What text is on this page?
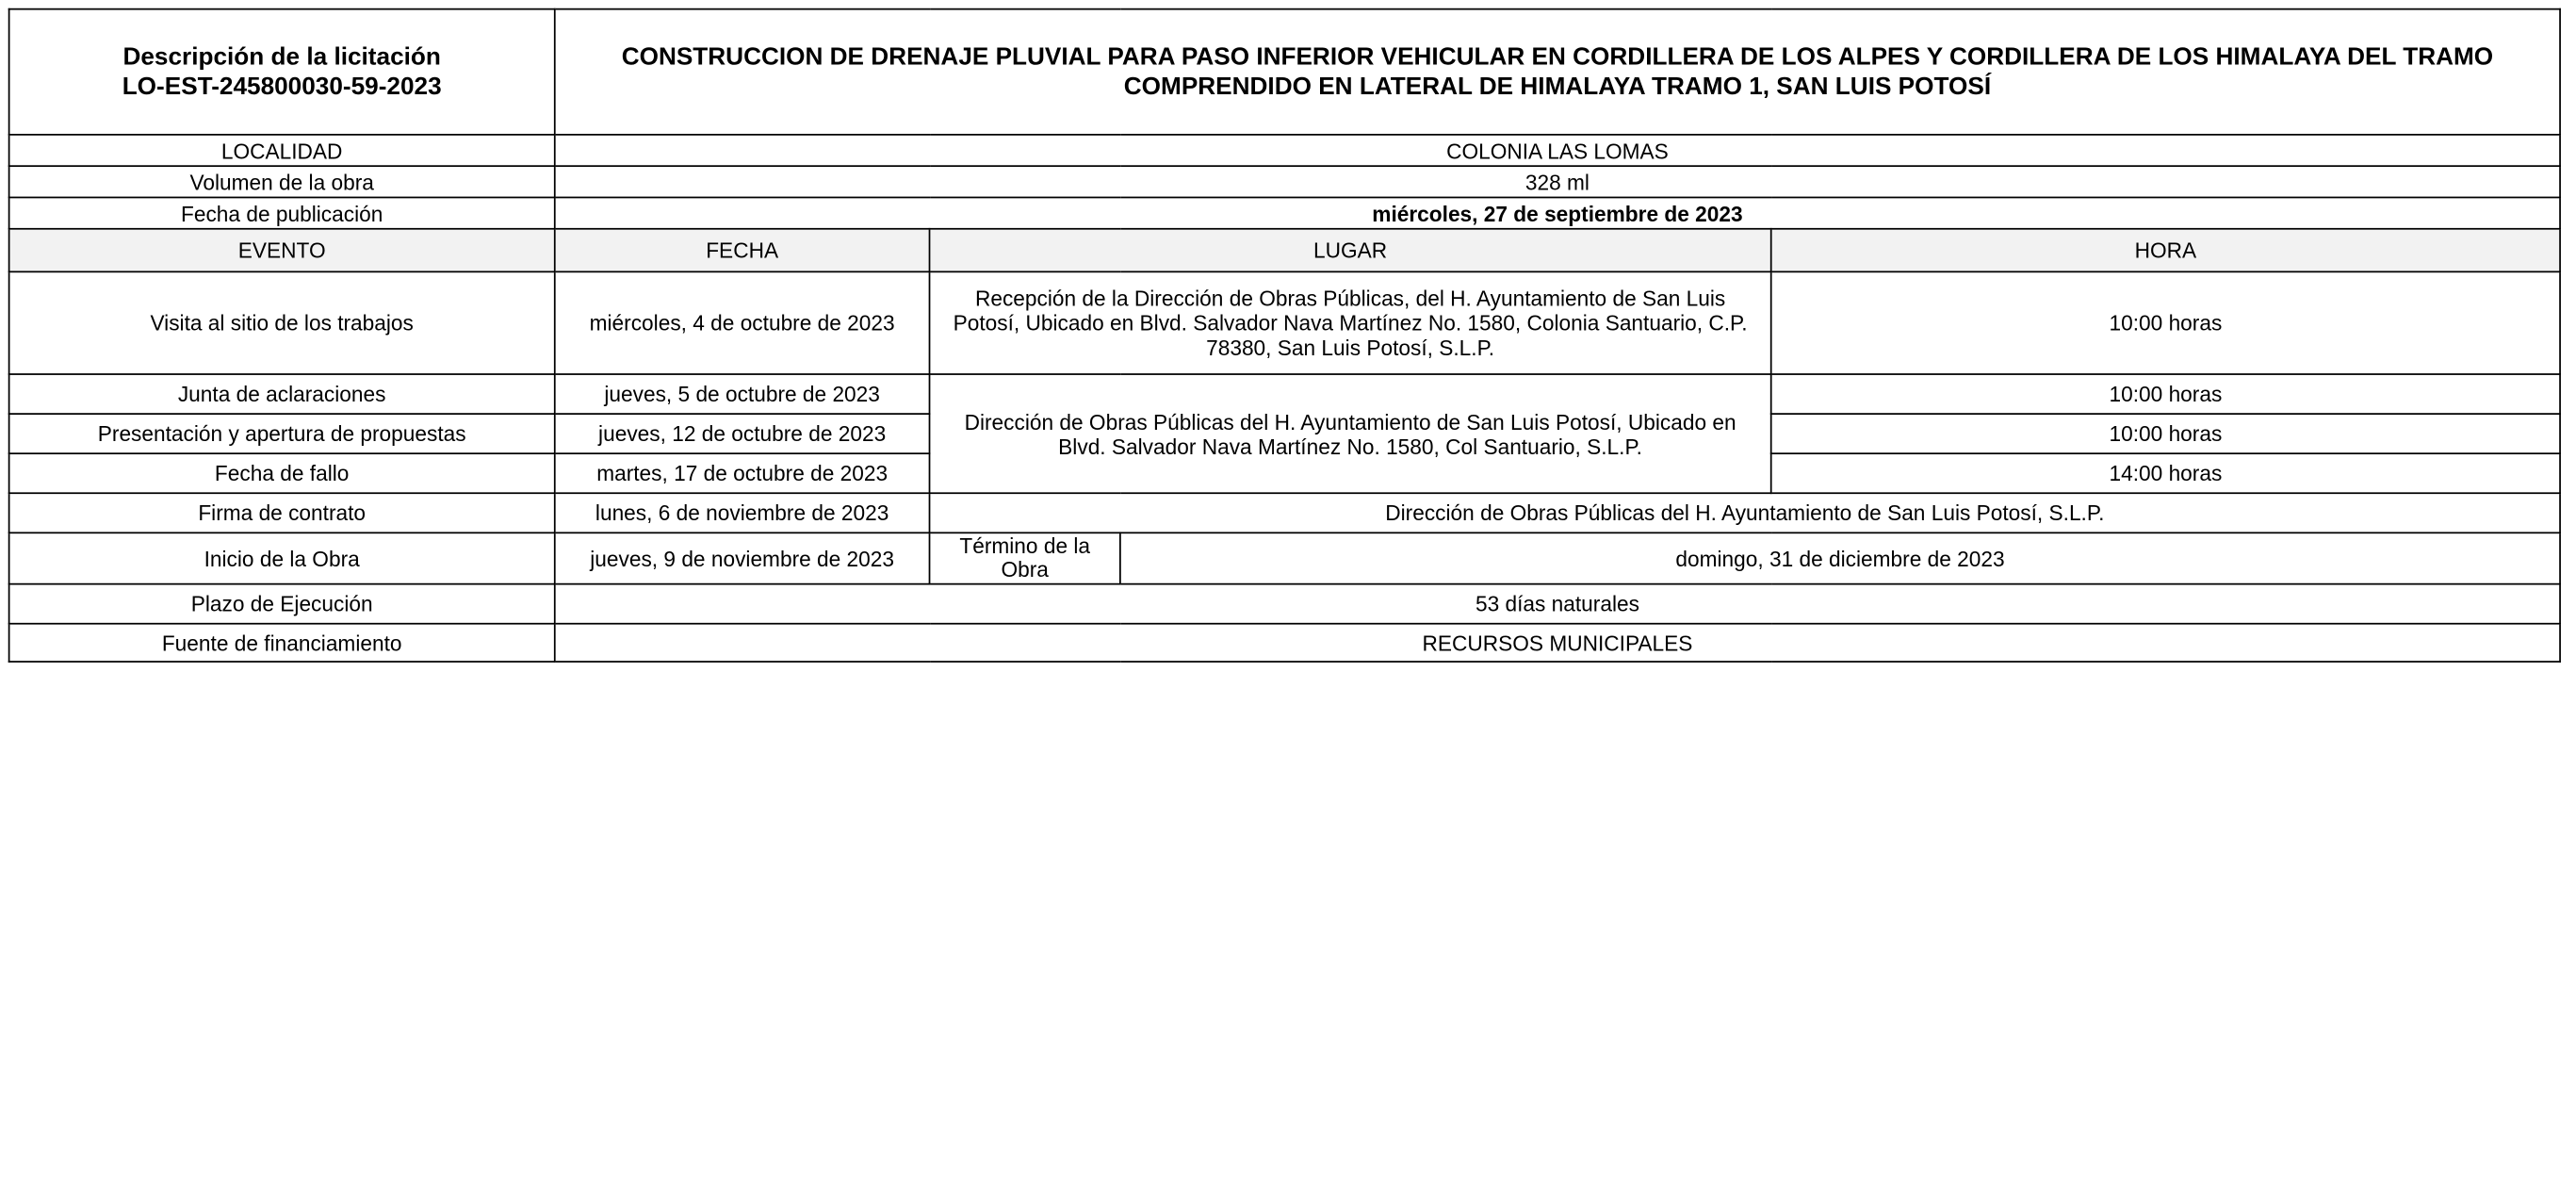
Descripción de la licitación
LO-EST-245800030-59-2023	CONSTRUCCION DE DRENAJE PLUVIAL PARA PASO INFERIOR VEHICULAR EN CORDILLERA DE LOS ALPES Y CORDILLERA DE LOS HIMALAYA DEL TRAMO COMPRENDIDO EN LATERAL DE HIMALAYA TRAMO 1, SAN LUIS POTOSÍ			
LOCALIDAD	COLONIA LAS LOMAS			
Volumen de la obra	328 ml			
Fecha de publicación	miércoles, 27 de septiembre de 2023			
EVENTO	FECHA	LUGAR		HORA
Visita al sitio de los trabajos	miércoles, 4 de octubre de 2023	Recepción de la Dirección de Obras Públicas, del H. Ayuntamiento de San Luis Potosí, Ubicado en Blvd. Salvador Nava Martínez No. 1580, Colonia Santuario, C.P. 78380, San Luis Potosí, S.L.P.		10:00 horas
Junta de aclaraciones	jueves, 5 de octubre de 2023	Dirección de Obras Públicas del H. Ayuntamiento de San Luis Potosí, Ubicado en Blvd. Salvador Nava Martínez No. 1580, Col Santuario, S.L.P.		10:00 horas
Presentación y apertura de propuestas	jueves, 12 de octubre de 2023			10:00 horas
Fecha de fallo	martes, 17 de octubre de 2023			14:00 horas
Firma de contrato	lunes, 6 de noviembre de 2023	Dirección de Obras Públicas del H. Ayuntamiento de San Luis Potosí, S.L.P.		
Inicio de la Obra	jueves, 9 de noviembre de 2023	Término de la Obra	domingo, 31 de diciembre de 2023	
Plazo de Ejecución	53 días naturales			
Fuente de financiamiento	RECURSOS MUNICIPALES			
